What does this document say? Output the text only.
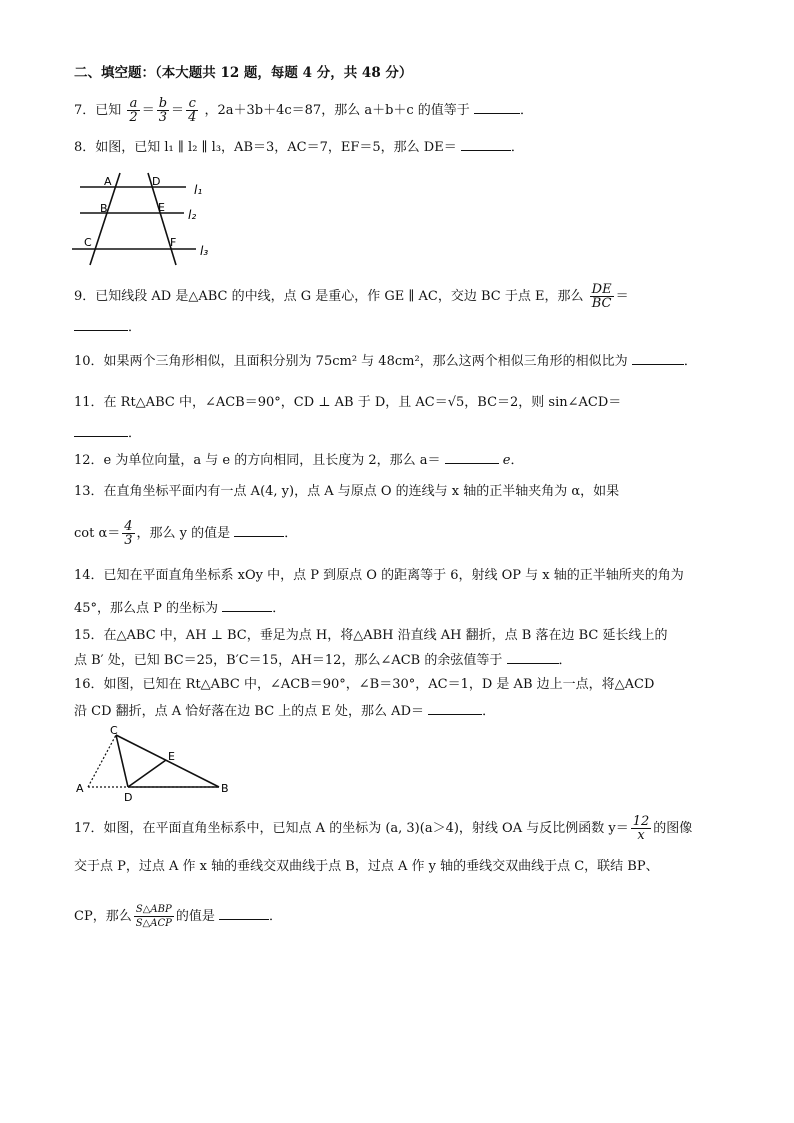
二、填空题：（本大题共 12 题，每题 4 分，共 48 分）
7．已知 $\frac{a}{2} = \frac{b}{3} = \frac{c}{4}$ ，2a＋3b＋4c＝87，那么 a＋b＋c 的值等于	．
8．如图，已知 l₁ ∥ l₂ ∥ l₃，AB＝3，AC＝7，EF＝5，那么 DE＝	．
A
B
C
D
E
F
l₁
l₂
l₃
9．已知线段 AD 是△ABC 的中线，点 G 是重心，作 GE ∥ AC，交边 BC 于点 E，那么 $\frac{DE}{BC}$ ＝
．
10．如果两个三角形相似，且面积分别为 75cm² 与 48cm²，那么这两个相似三角形的相似比为	．
11．在 Rt△ABC 中，∠ACB＝90°，CD ⊥ AB 于 D，且 AC＝√5，BC＝2，则 sin∠ACD＝
．
12．e 为单位向量，a 与 e 的方向相同，且长度为 2，那么 a＝	e．
13．在直角坐标平面内有一点 A(4, y)，点 A 与原点 O 的连线与 x 轴的正半轴夹角为 α，如果
$\cot \alpha= \frac{4}{3}$ ，那么 y 的值是	．
14．已知在平面直角坐标系 xOy 中，点 P 到原点 O 的距离等于 6，射线 OP 与 x 轴的正半轴所夹的角为
45°，那么点 P 的坐标为	．
15．在△ABC 中，AH ⊥ BC，垂足为点 H，将△ABH 沿直线 AH 翻折，点 B 落在边 BC 延长线上的
点 B′ 处，已知 BC＝25，B′C＝15，AH＝12，那么∠ACB 的余弦值等于	．
16．如图，已知在 Rt△ABC 中，∠ACB＝90°，∠B＝30°，AC＝1，D 是 AB 边上一点，将△ACD
沿 CD 翻折，点 A 恰好落在边 BC 上的点 E 处，那么 AD＝	．
C
A
D
E
B
17．如图，在平面直角坐标系中，已知点 A 的坐标为 (a, 3)(a＞4)，射线 OA 与反比例函数 $y= \frac{12}{x}$ 的图像
交于点 P，过点 A 作 x 轴的垂线交双曲线于点 B，过点 A 作 y 轴的垂线交双曲线于点 C，联结 BP、
CP，那么 $\frac{\text{S△ABP}}{\text{S△ACP}}$ 的值是	．
